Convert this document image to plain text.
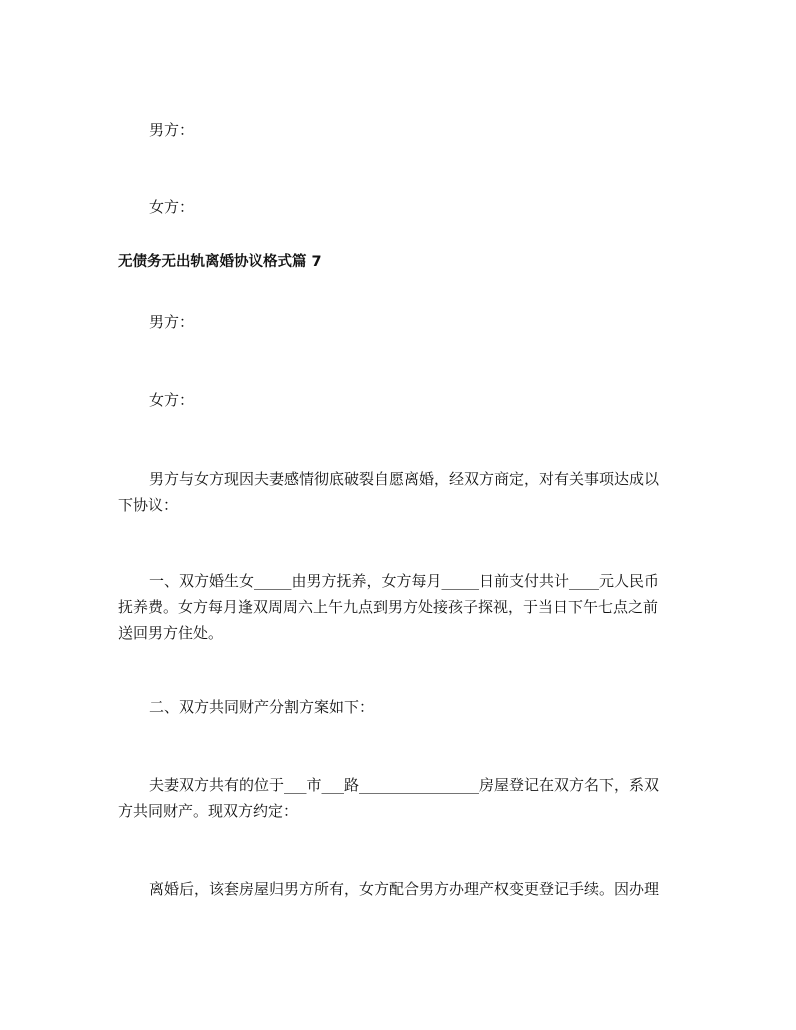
男方：
女方：
无债务无出轨离婚协议格式篇 7
男方：
女方：
男方与女方现因夫妻感情彻底破裂自愿离婚，经双方商定，对有关事项达成以
下协议：
一、双方婚生女_____由男方抚养，女方每月_____日前支付共计____元人民币
抚养费。女方每月逢双周周六上午九点到男方处接孩子探视，于当日下午七点之前
送回男方住处。
二、双方共同财产分割方案如下：
夫妻双方共有的位于___市___路________________房屋登记在双方名下，系双
方共同财产。现双方约定：
离婚后，该套房屋归男方所有，女方配合男方办理产权变更登记手续。因办理
